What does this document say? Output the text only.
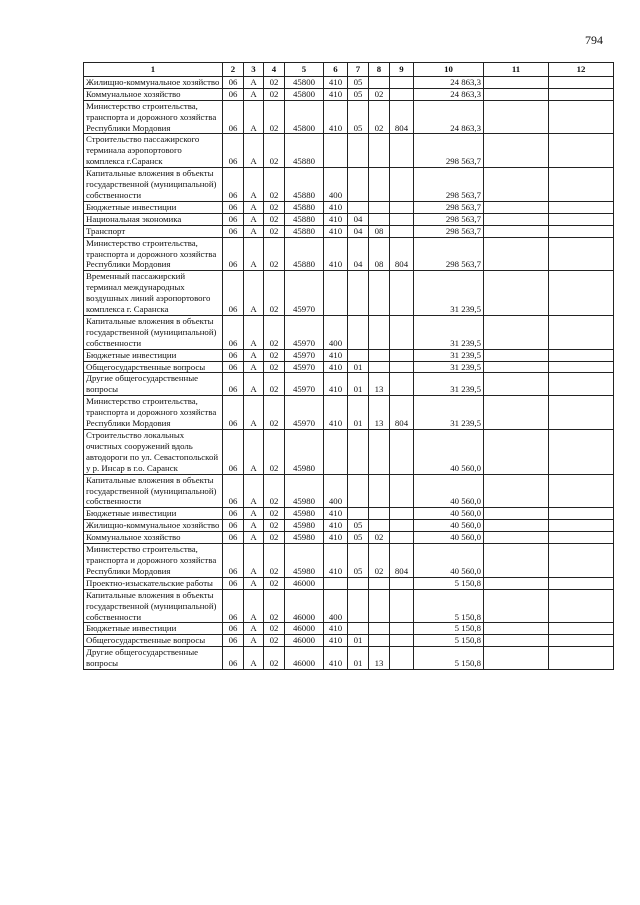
794
1	2	3	4	5	6	7	8	9	10	11	12
Жилищно-коммунальное хозяйство	06	А	02	45800	410	05			24 863,3		
Коммунальное хозяйство	06	А	02	45800	410	05	02		24 863,3		
Министерство строительства, транспорта и дорожного хозяйства Республики Мордовия	06	А	02	45800	410	05	02	804	24 863,3		
Строительство пассажирского терминала аэропортового комплекса г.Саранск	06	А	02	45880					298 563,7		
Капитальные вложения в объекты государственной (муниципальной) собственности	06	А	02	45880	400				298 563,7		
Бюджетные инвестиции	06	А	02	45880	410				298 563,7		
Национальная экономика	06	А	02	45880	410	04			298 563,7		
Транспорт	06	А	02	45880	410	04	08		298 563,7		
Министерство строительства, транспорта и дорожного хозяйства Республики Мордовия	06	А	02	45880	410	04	08	804	298 563,7		
Временный пассажирский терминал международных воздушных линий аэропортового комплекса г. Саранска	06	А	02	45970					31 239,5		
Капитальные вложения в объекты государственной (муниципальной) собственности	06	А	02	45970	400				31 239,5		
Бюджетные инвестиции	06	А	02	45970	410				31 239,5		
Общегосударственные вопросы	06	А	02	45970	410	01			31 239,5		
Другие общегосударственные вопросы	06	А	02	45970	410	01	13		31 239,5		
Министерство строительства, транспорта и дорожного хозяйства Республики Мордовия	06	А	02	45970	410	01	13	804	31 239,5		
Строительство локальных очистных сооружений вдоль автодороги по ул. Севастопольской у р. Инсар в г.о. Саранск	06	А	02	45980					40 560,0		
Капитальные вложения в объекты государственной (муниципальной) собственности	06	А	02	45980	400				40 560,0		
Бюджетные инвестиции	06	А	02	45980	410				40 560,0		
Жилищно-коммунальное хозяйство	06	А	02	45980	410	05			40 560,0		
Коммунальное хозяйство	06	А	02	45980	410	05	02		40 560,0		
Министерство строительства, транспорта и дорожного хозяйства Республики Мордовия	06	А	02	45980	410	05	02	804	40 560,0		
Проектно-изыскательские работы	06	А	02	46000					5 150,8		
Капитальные вложения в объекты государственной (муниципальной) собственности	06	А	02	46000	400				5 150,8		
Бюджетные инвестиции	06	А	02	46000	410				5 150,8		
Общегосударственные вопросы	06	А	02	46000	410	01			5 150,8		
Другие общегосударственные вопросы	06	А	02	46000	410	01	13		5 150,8		
